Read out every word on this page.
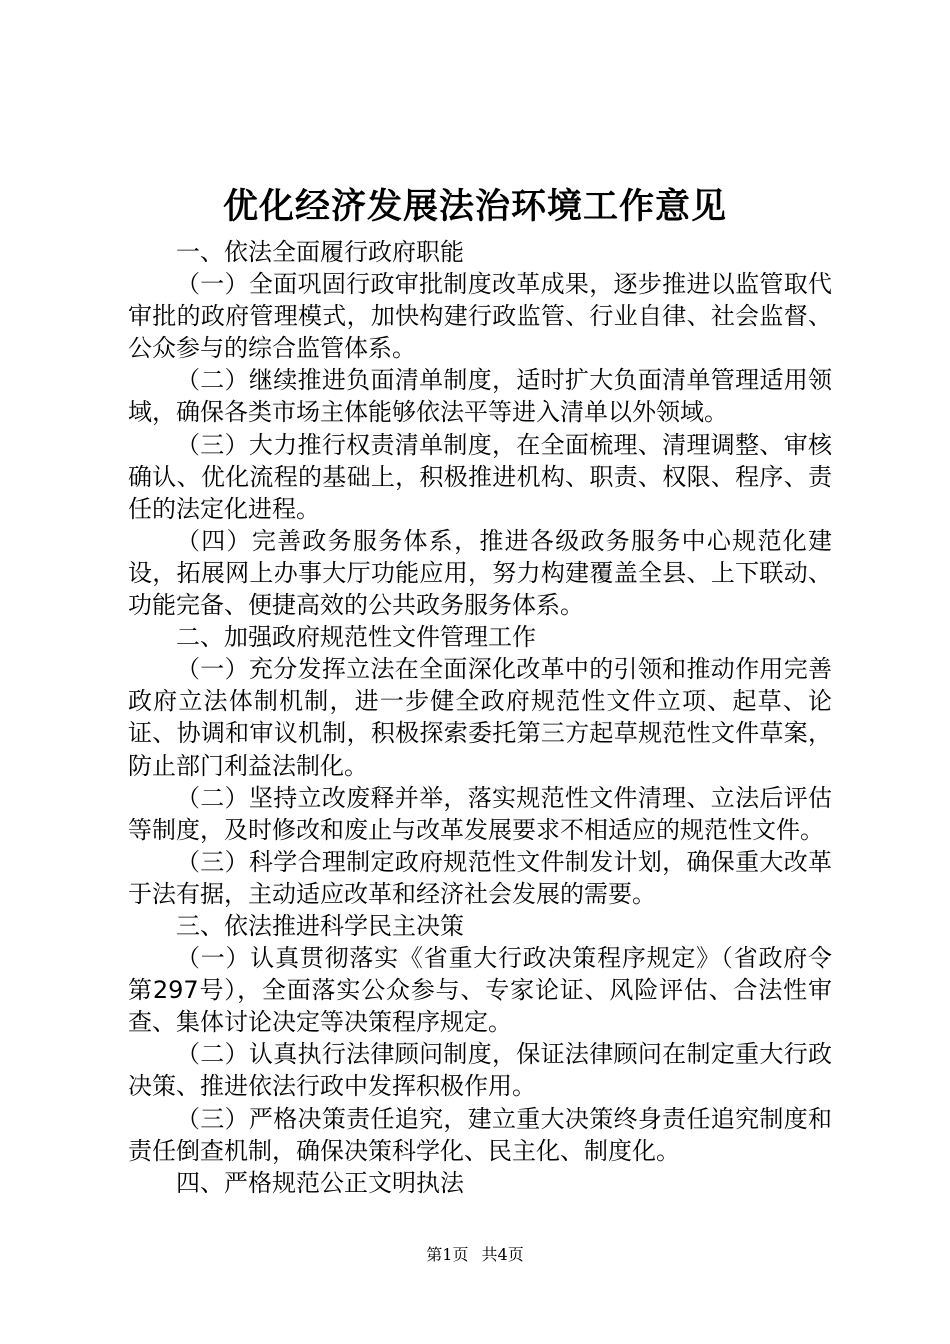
优化经济发展法治环境工作意见

一、依法全面履行政府职能

（一）全面巩固行政审批制度改革成果，逐步推进以监管取代审批的政府管理模式，加快构建行政监管、行业自律、社会监督、公众参与的综合监管体系。

（二）继续推进负面清单制度，适时扩大负面清单管理适用领域，确保各类市场主体能够依法平等进入清单以外领域。

（三）大力推行权责清单制度，在全面梳理、清理调整、审核确认、优化流程的基础上，积极推进机构、职责、权限、程序、责任的法定化进程。

（四）完善政务服务体系，推进各级政务服务中心规范化建设，拓展网上办事大厅功能应用，努力构建覆盖全县、上下联动、功能完备、便捷高效的公共政务服务体系。

二、加强政府规范性文件管理工作

（一）充分发挥立法在全面深化改革中的引领和推动作用完善政府立法体制机制，进一步健全政府规范性文件立项、起草、论证、协调和审议机制，积极探索委托第三方起草规范性文件草案，防止部门利益法制化。

（二）坚持立改废释并举，落实规范性文件清理、立法后评估等制度，及时修改和废止与改革发展要求不相适应的规范性文件。

（三）科学合理制定政府规范性文件制发计划，确保重大改革于法有据，主动适应改革和经济社会发展的需要。

三、依法推进科学民主决策

（一）认真贯彻落实《省重大行政决策程序规定》（省政府令第297号），全面落实公众参与、专家论证、风险评估、合法性审查、集体讨论决定等决策程序规定。

（二）认真执行法律顾问制度，保证法律顾问在制定重大行政决策、推进依法行政中发挥积极作用。

（三）严格决策责任追究，建立重大决策终身责任追究制度和责任倒查机制，确保决策科学化、民主化、制度化。

四、严格规范公正文明执法

第1页 共4页
